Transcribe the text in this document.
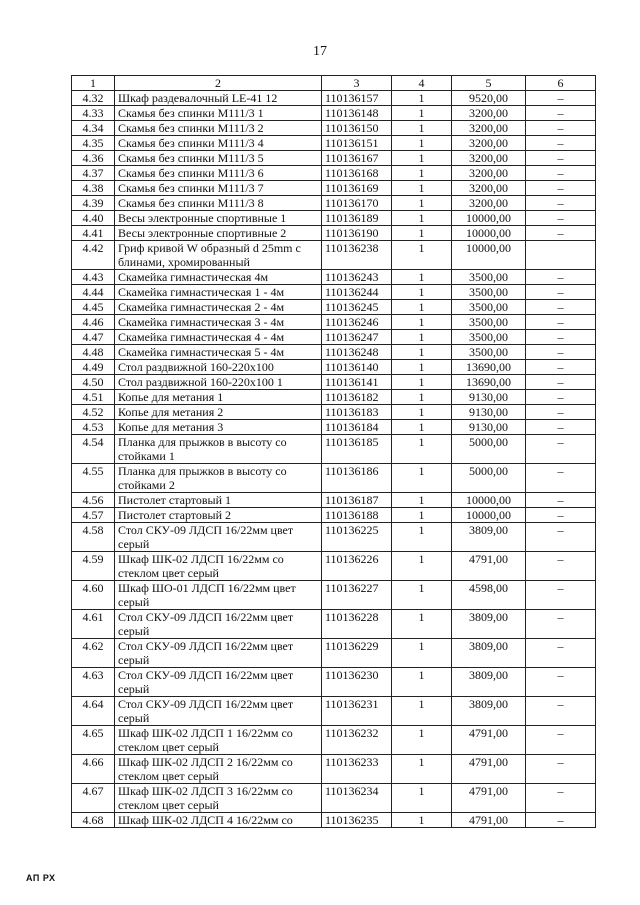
17
1	2	3	4	5	6
4.32	Шкаф раздевалочный LE-41 12	110136157	1	9520,00	–
4.33	Скамья без спинки M111/3 1	110136148	1	3200,00	–
4.34	Скамья без спинки M111/3 2	110136150	1	3200,00	–
4.35	Скамья без спинки M111/3 4	110136151	1	3200,00	–
4.36	Скамья без спинки M111/3 5	110136167	1	3200,00	–
4.37	Скамья без спинки M111/3 6	110136168	1	3200,00	–
4.38	Скамья без спинки M111/3 7	110136169	1	3200,00	–
4.39	Скамья без спинки M111/3 8	110136170	1	3200,00	–
4.40	Весы электронные спортивные 1	110136189	1	10000,00	–
4.41	Весы электронные спортивные 2	110136190	1	10000,00	–
4.42	Гриф кривой W образный d 25mm с блинами, хромированный	110136238	1	10000,00	
4.43	Скамейка гимнастическая 4м	110136243	1	3500,00	–
4.44	Скамейка гимнастическая 1 - 4м	110136244	1	3500,00	–
4.45	Скамейка гимнастическая 2 - 4м	110136245	1	3500,00	–
4.46	Скамейка гимнастическая 3 - 4м	110136246	1	3500,00	–
4.47	Скамейка гимнастическая 4 - 4м	110136247	1	3500,00	–
4.48	Скамейка гимнастическая 5 - 4м	110136248	1	3500,00	–
4.49	Стол раздвижной 160-220x100	110136140	1	13690,00	–
4.50	Стол раздвижной 160-220x100 1	110136141	1	13690,00	–
4.51	Копье для метания 1	110136182	1	9130,00	–
4.52	Копье для метания 2	110136183	1	9130,00	–
4.53	Копье для метания 3	110136184	1	9130,00	–
4.54	Планка для прыжков в высоту со стойками 1	110136185	1	5000,00	–
4.55	Планка для прыжков в высоту со стойками 2	110136186	1	5000,00	–
4.56	Пистолет стартовый 1	110136187	1	10000,00	–
4.57	Пистолет стартовый 2	110136188	1	10000,00	–
4.58	Стол СКУ-09 ЛДСП 16/22мм цвет серый	110136225	1	3809,00	–
4.59	Шкаф ШК-02 ЛДСП 16/22мм со стеклом цвет серый	110136226	1	4791,00	–
4.60	Шкаф ШО-01 ЛДСП 16/22мм цвет серый	110136227	1	4598,00	–
4.61	Стол СКУ-09 ЛДСП 16/22мм цвет серый	110136228	1	3809,00	–
4.62	Стол СКУ-09 ЛДСП 16/22мм цвет серый	110136229	1	3809,00	–
4.63	Стол СКУ-09 ЛДСП 16/22мм цвет серый	110136230	1	3809,00	–
4.64	Стол СКУ-09 ЛДСП 16/22мм цвет серый	110136231	1	3809,00	–
4.65	Шкаф ШК-02 ЛДСП 1 16/22мм со стеклом цвет серый	110136232	1	4791,00	–
4.66	Шкаф ШК-02 ЛДСП 2 16/22мм со стеклом цвет серый	110136233	1	4791,00	–
4.67	Шкаф ШК-02 ЛДСП 3 16/22мм со стеклом цвет серый	110136234	1	4791,00	–
4.68	Шкаф ШК-02 ЛДСП 4 16/22мм со	110136235	1	4791,00	–
АП РХ
